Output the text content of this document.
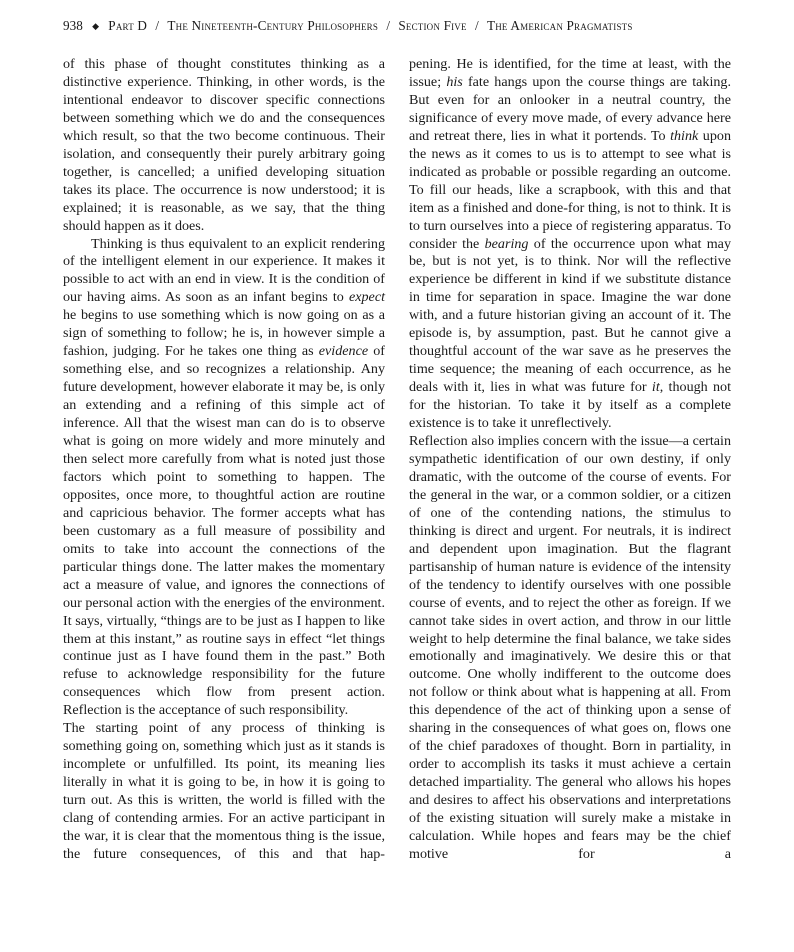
938 ◆ Part D / The Nineteenth-Century Philosophers / Section Five / The American Pragmatists

of this phase of thought constitutes thinking as a distinctive experience. Thinking, in other words, is the intentional endeavor to discover specific connections between something which we do and the consequences which result, so that the two become continuous. Their isolation, and consequently their purely arbitrary going together, is cancelled; a unified developing situation takes its place. The occurrence is now understood; it is explained; it is reasonable, as we say, that the thing should happen as it does.

Thinking is thus equivalent to an explicit rendering of the intelligent element in our experience. It makes it possible to act with an end in view. It is the condition of our having aims. As soon as an infant begins to expect he begins to use something which is now going on as a sign of something to follow; he is, in however simple a fashion, judging. For he takes one thing as evidence of something else, and so recognizes a relationship. Any future development, however elaborate it may be, is only an extending and a refining of this simple act of inference. All that the wisest man can do is to observe what is going on more widely and more minutely and then select more carefully from what is noted just those factors which point to something to happen. The opposites, once more, to thoughtful action are routine and capricious behavior. The former accepts what has been customary as a full measure of possibility and omits to take into account the connections of the particular things done. The latter makes the momentary act a measure of value, and ignores the connections of our personal action with the energies of the environment. It says, virtually, “things are to be just as I happen to like them at this instant,” as routine says in effect “let things continue just as I have found them in the past.” Both refuse to acknowledge responsibility for the future consequences which flow from present action. Reflection is the acceptance of such responsibility.

The starting point of any process of thinking is something going on, something which just as it stands is incomplete or unfulfilled. Its point, its meaning lies literally in what it is going to be, in how it is going to turn out. As this is written, the world is filled with the clang of contending armies. For an active participant in the war, it is clear that the momentous thing is the issue, the future consequences, of this and that hap-

pening. He is identified, for the time at least, with the issue; his fate hangs upon the course things are taking. But even for an onlooker in a neutral country, the significance of every move made, of every advance here and retreat there, lies in what it portends. To think upon the news as it comes to us is to attempt to see what is indicated as probable or possible regarding an outcome. To fill our heads, like a scrapbook, with this and that item as a finished and done-for thing, is not to think. It is to turn ourselves into a piece of registering apparatus. To consider the bearing of the occurrence upon what may be, but is not yet, is to think. Nor will the reflective experience be different in kind if we substitute distance in time for separation in space. Imagine the war done with, and a future historian giving an account of it. The episode is, by assumption, past. But he cannot give a thoughtful account of the war save as he preserves the time sequence; the meaning of each occurrence, as he deals with it, lies in what was future for it, though not for the historian. To take it by itself as a complete existence is to take it unreflectively.

Reflection also implies concern with the issue—a certain sympathetic identification of our own destiny, if only dramatic, with the outcome of the course of events. For the general in the war, or a common soldier, or a citizen of one of the contending nations, the stimulus to thinking is direct and urgent. For neutrals, it is indirect and dependent upon imagination. But the flagrant partisanship of human nature is evidence of the intensity of the tendency to identify ourselves with one possible course of events, and to reject the other as foreign. If we cannot take sides in overt action, and throw in our little weight to help determine the final balance, we take sides emotionally and imaginatively. We desire this or that outcome. One wholly indifferent to the outcome does not follow or think about what is happening at all. From this dependence of the act of thinking upon a sense of sharing in the consequences of what goes on, flows one of the chief paradoxes of thought. Born in partiality, in order to accomplish its tasks it must achieve a certain detached impartiality. The general who allows his hopes and desires to affect his observations and interpretations of the existing situation will surely make a mistake in calculation. While hopes and fears may be the chief motive for a
